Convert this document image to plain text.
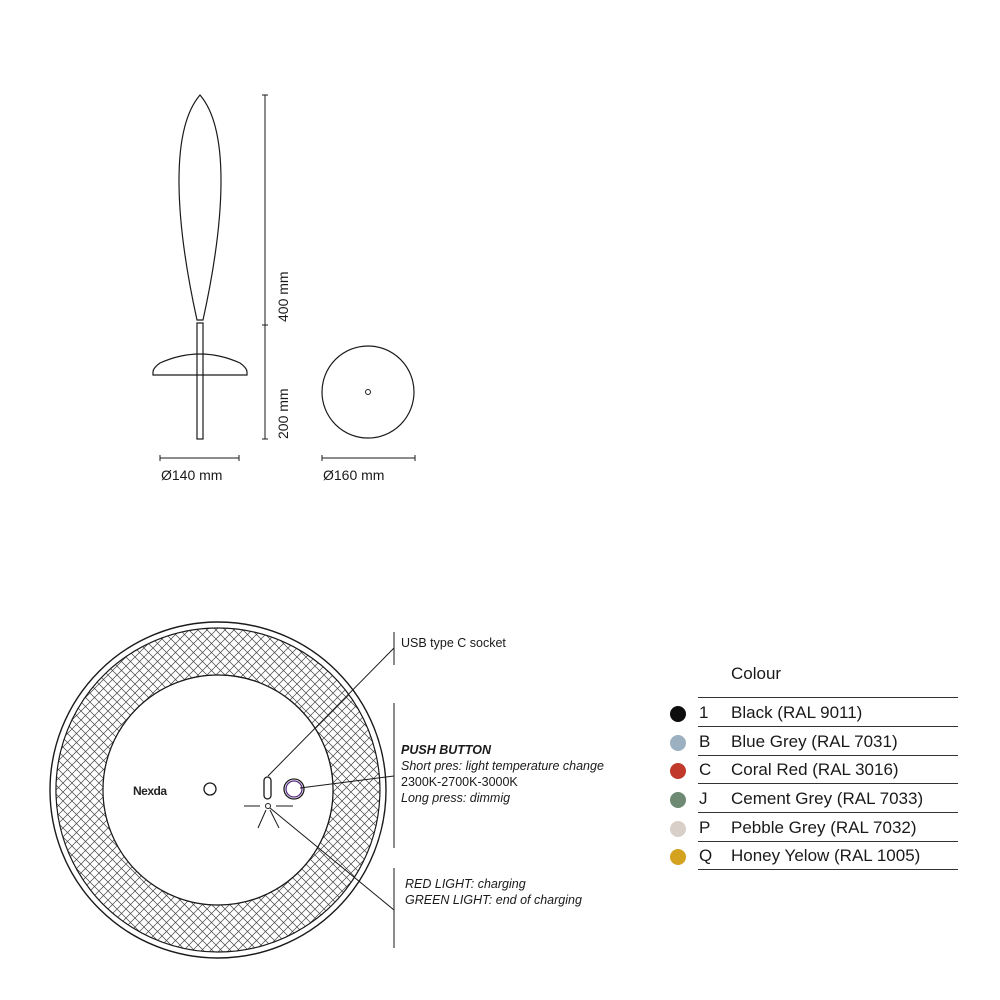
400 mm
200 mm
Ø140 mm	Ø160 mm
Nexda
USB type C socket
PUSH BUTTON
Short pres: light temperature change
2300K-2700K-3000K
Long press: dimmig
RED LIGHT: charging
GREEN LIGHT: end of charging
Colour
1 Black (RAL 9011)
B Blue Grey (RAL 7031)
C Coral Red (RAL 3016)
J Cement Grey (RAL 7033)
P Pebble Grey (RAL 7032)
Q Honey Yelow (RAL 1005)
